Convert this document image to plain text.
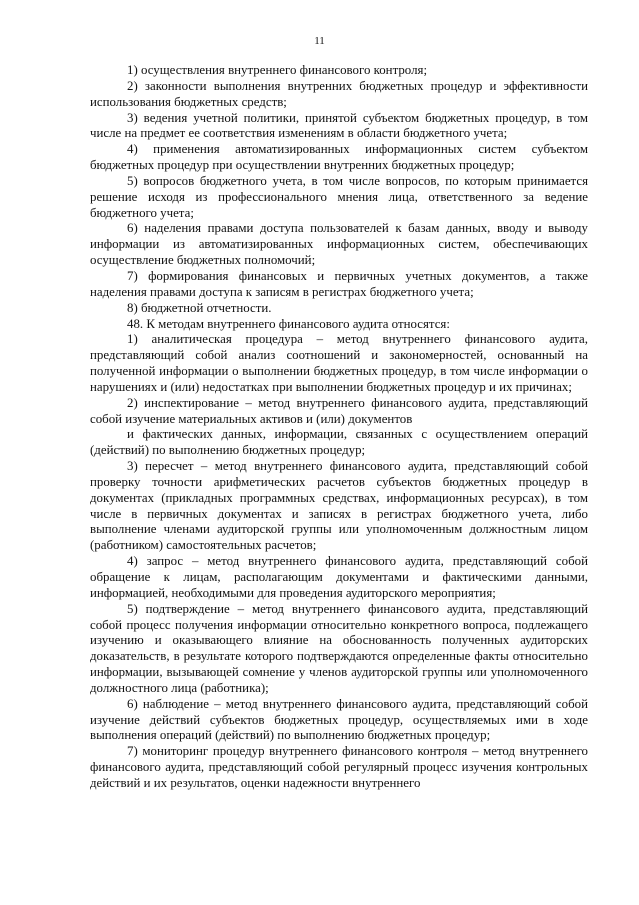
11

1) осуществления внутреннего финансового контроля;

2) законности выполнения внутренних бюджетных процедур и эффективности использования бюджетных средств;

3) ведения учетной политики, принятой субъектом бюджетных процедур, в том числе на предмет ее соответствия изменениям в области бюджетного учета;

4) применения автоматизированных информационных систем субъектом бюджетных процедур при осуществлении внутренних бюджетных процедур;

5) вопросов бюджетного учета, в том числе вопросов, по которым принимается решение исходя из профессионального мнения лица, ответственного за ведение бюджетного учета;

6) наделения правами доступа пользователей к базам данных, вводу и выводу информации из автоматизированных информационных систем, обеспечивающих осуществление бюджетных полномочий;

7) формирования финансовых и первичных учетных документов, а также наделения правами доступа к записям в регистрах бюджетного учета;

8) бюджетной отчетности.

48. К методам внутреннего финансового аудита относятся:

1) аналитическая процедура – метод внутреннего финансового аудита, представляющий собой анализ соотношений и закономерностей, основанный на полученной информации о выполнении бюджетных процедур, в том числе информации о нарушениях и (или) недостатках при выполнении бюджетных процедур и их причинах;

2) инспектирование – метод внутреннего финансового аудита, представляющий собой изучение материальных активов и (или) документов

и фактических данных, информации, связанных с осуществлением операций (действий) по выполнению бюджетных процедур;

3) пересчет – метод внутреннего финансового аудита, представляющий собой проверку точности арифметических расчетов субъектов бюджетных процедур в документах (прикладных программных средствах, информационных ресурсах), в том числе в первичных документах и записях в регистрах бюджетного учета, либо выполнение членами аудиторской группы или уполномоченным должностным лицом (работником) самостоятельных расчетов;

4) запрос – метод внутреннего финансового аудита, представляющий собой обращение к лицам, располагающим документами и фактическими данными, информацией, необходимыми для проведения аудиторского мероприятия;

5) подтверждение – метод внутреннего финансового аудита, представляющий собой процесс получения информации относительно конкретного вопроса, подлежащего изучению и оказывающего влияние на обоснованность полученных аудиторских доказательств, в результате которого подтверждаются определенные факты относительно информации, вызывающей сомнение у членов аудиторской группы или уполномоченного должностного лица (работника);

6) наблюдение – метод внутреннего финансового аудита, представляющий собой изучение действий субъектов бюджетных процедур, осуществляемых ими в ходе выполнения операций (действий) по выполнению бюджетных процедур;

7) мониторинг процедур внутреннего финансового контроля – метод внутреннего финансового аудита, представляющий собой регулярный процесс изучения контрольных действий и их результатов, оценки надежности внутреннего
